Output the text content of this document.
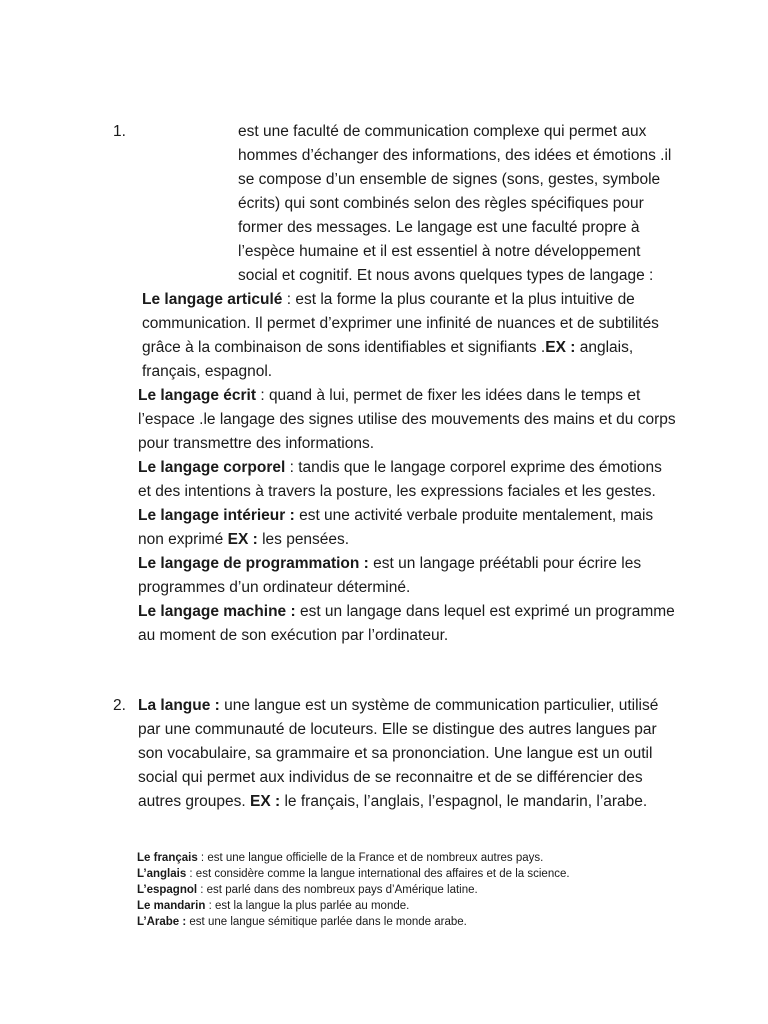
1.	est une faculté de communication complexe qui permet aux hommes d’échanger des informations, des idées et émotions .il se compose d’un ensemble de signes (sons, gestes, symbole écrits) qui sont combinés selon des règles spécifiques pour former des messages. Le langage est une faculté propre à l’espèce humaine et il est essentiel à notre développement social et cognitif. Et nous avons quelques types de langage :

Le langage articulé : est la forme la plus courante et la plus intuitive de communication. Il permet d’exprimer une infinité de nuances et de subtilités grâce à la combinaison de sons identifiables et signifiants .EX : anglais, français, espagnol.

Le langage écrit : quand à lui, permet de fixer les idées dans le temps et l’espace .le langage des signes utilise des mouvements des mains et du corps pour transmettre des informations.

Le langage corporel : tandis que le langage corporel exprime des émotions et des intentions à travers la posture, les expressions faciales et les gestes.

Le langage intérieur : est une activité verbale produite mentalement, mais non exprimé EX : les pensées.

Le langage de programmation : est un langage préétabli pour écrire les programmes d’un ordinateur déterminé.

Le langage machine : est un langage dans lequel est exprimé un programme au moment de son exécution par l’ordinateur.

2. La langue : une langue est un système de communication particulier, utilisé par une communauté de locuteurs. Elle se distingue des autres langues par son vocabulaire, sa grammaire et sa prononciation. Une langue est un outil social qui permet aux individus de se reconnaitre et de se différencier des autres groupes. EX : le français, l’anglais, l’espagnol, le mandarin, l’arabe.

Le français : est une langue officielle de la France et de nombreux autres pays.

L’anglais : est considère comme la langue international des affaires et de la science.

L’espagnol : est parlé dans des nombreux pays d’Amérique latine.

Le mandarin : est la langue la plus parlée au monde.

L’Arabe : est une langue sémitique parlée dans le monde arabe.
